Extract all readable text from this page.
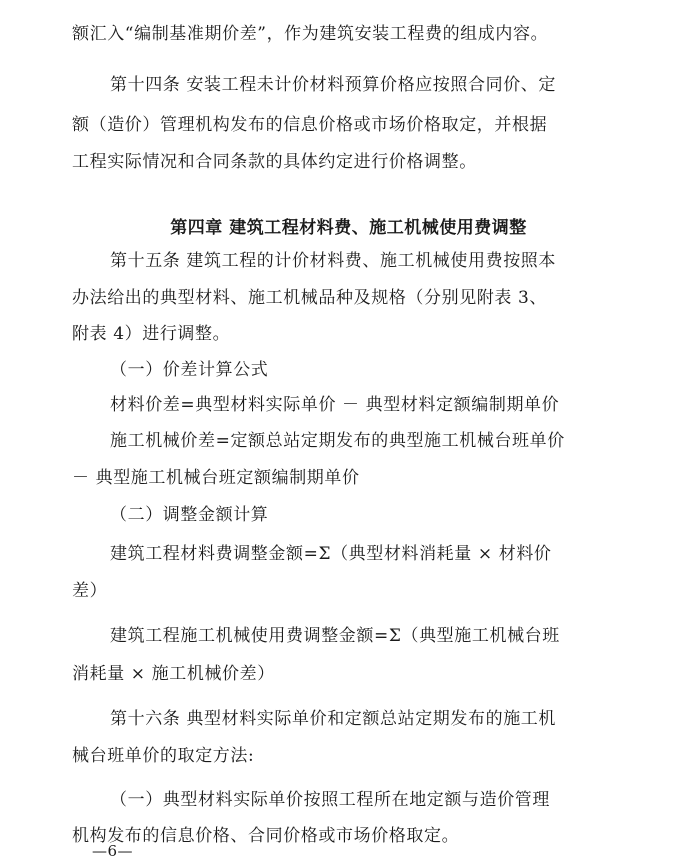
额汇入“编制基准期价差”，作为建筑安装工程费的组成内容。
第十四条 安装工程未计价材料预算价格应按照合同价、定
额（造价）管理机构发布的信息价格或市场价格取定，并根据
工程实际情况和合同条款的具体约定进行价格调整。
第四章 建筑工程材料费、施工机械使用费调整
第十五条 建筑工程的计价材料费、施工机械使用费按照本
办法给出的典型材料、施工机械品种及规格（分别见附表 3、
附表 4）进行调整。
（一）价差计算公式
材料价差=典型材料实际单价 － 典型材料定额编制期单价
施工机械价差=定额总站定期发布的典型施工机械台班单价
－ 典型施工机械台班定额编制期单价
（二）调整金额计算
建筑工程材料费调整金额=Σ（典型材料消耗量 × 材料价
差）
建筑工程施工机械使用费调整金额=Σ（典型施工机械台班
消耗量 × 施工机械价差）
第十六条 典型材料实际单价和定额总站定期发布的施工机
械台班单价的取定方法:
（一）典型材料实际单价按照工程所在地定额与造价管理
机构发布的信息价格、合同价格或市场价格取定。
—6—
